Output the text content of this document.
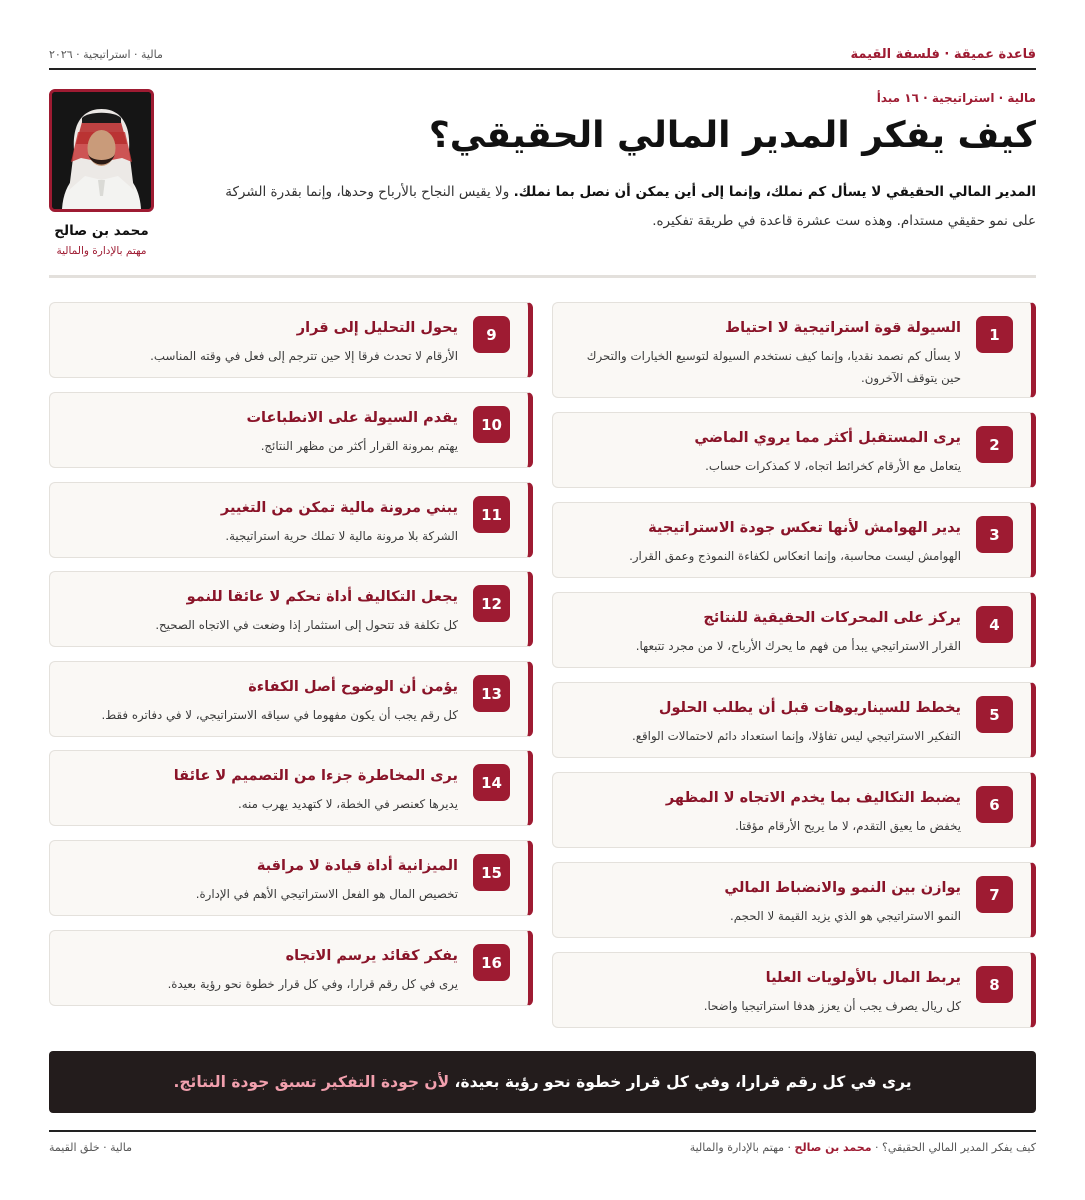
قاعدة عميقة · فلسفة القيمة
مالية · استراتيجية · ٢٠٢٦
مالية · استراتيجية · ١٦ مبدأ
كيف يفكر المدير المالي الحقيقي؟

المدير المالي الحقيقي لا يسأل كم نملك، وإنما إلى أين يمكن أن نصل بما نملك. ولا يقيس النجاح بالأرباح وحدها، وإنما بقدرة الشركة على نمو حقيقي مستدام. وهذه ست عشرة قاعدة في طريقة تفكيره.

محمد بن صالح
مهتم بالإدارة والمالية
1
السيولة قوة استراتيجية لا احتياط
لا يسأل كم نصمد نقديا، وإنما كيف نستخدم السيولة لتوسيع الخيارات والتحرك حين يتوقف الآخرون.
2
يرى المستقبل أكثر مما يروي الماضي
يتعامل مع الأرقام كخرائط اتجاه، لا كمذكرات حساب.
3
يدير الهوامش لأنها تعكس جودة الاستراتيجية
الهوامش ليست محاسبة، وإنما انعكاس لكفاءة النموذج وعمق القرار.
4
يركز على المحركات الحقيقية للنتائج
القرار الاستراتيجي يبدأ من فهم ما يحرك الأرباح، لا من مجرد تتبعها.
5
يخطط للسيناريوهات قبل أن يطلب الحلول
التفكير الاستراتيجي ليس تفاؤلا، وإنما استعداد دائم لاحتمالات الواقع.
6
يضبط التكاليف بما يخدم الاتجاه لا المظهر
يخفض ما يعيق التقدم، لا ما يريح الأرقام مؤقتا.
7
يوازن بين النمو والانضباط المالي
النمو الاستراتيجي هو الذي يزيد القيمة لا الحجم.
8
يربط المال بالأولويات العليا
كل ريال يصرف يجب أن يعزز هدفا استراتيجيا واضحا.
9
يحول التحليل إلى قرار
الأرقام لا تحدث فرقا إلا حين تترجم إلى فعل في وقته المناسب.
10
يقدم السيولة على الانطباعات
يهتم بمرونة القرار أكثر من مظهر النتائج.
11
يبني مرونة مالية تمكن من التغيير
الشركة بلا مرونة مالية لا تملك حرية استراتيجية.
12
يجعل التكاليف أداة تحكم لا عائقا للنمو
كل تكلفة قد تتحول إلى استثمار إذا وضعت في الاتجاه الصحيح.
13
يؤمن أن الوضوح أصل الكفاءة
كل رقم يجب أن يكون مفهوما في سياقه الاستراتيجي، لا في دفاتره فقط.
14
يرى المخاطرة جزءا من التصميم لا عائقا
يديرها كعنصر في الخطة، لا كتهديد يهرب منه.
15
الميزانية أداة قيادة لا مراقبة
تخصيص المال هو الفعل الاستراتيجي الأهم في الإدارة.
16
يفكر كقائد يرسم الاتجاه
يرى في كل رقم قرارا، وفي كل قرار خطوة نحو رؤية بعيدة.
يرى في كل رقم قرارا، وفي كل قرار خطوة نحو رؤية بعيدة، لأن جودة التفكير تسبق جودة النتائج.
كيف يفكر المدير المالي الحقيقي؟ · محمد بن صالح · مهتم بالإدارة والمالية
مالية · خلق القيمة
